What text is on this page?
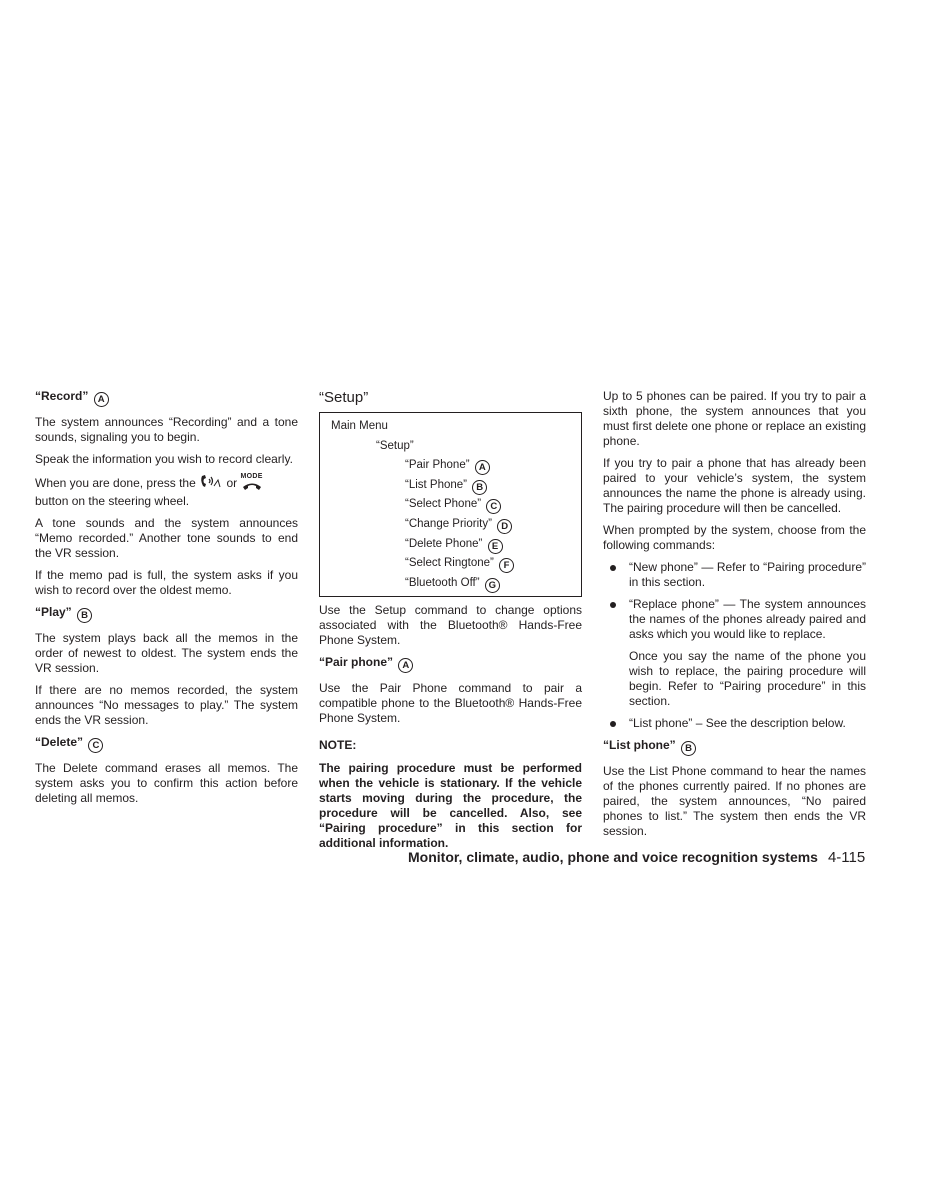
“Record” A

The system announces “Recording” and a tone sounds, signaling you to begin.

Speak the information you wish to record clearly.

When you are done, press the	or MODE

button on the steering wheel.

A tone sounds and the system announces “Memo recorded.” Another tone sounds to end the VR session.

If the memo pad is full, the system asks if you wish to record over the oldest memo.

“Play” B

The system plays back all the memos in the order of newest to oldest. The system ends the VR session.

If there are no memos recorded, the system announces “No messages to play.” The system ends the VR session.

“Delete” C

The Delete command erases all memos. The system asks you to confirm this action before deleting all memos.

“Setup”
Main Menu
“Setup”
“Pair Phone” A
“List Phone” B
“Select Phone” C
“Change Priority” D
“Delete Phone” E
“Select Ringtone” F
“Bluetooth Off” G

Use the Setup command to change options associated with the Bluetooth® Hands-Free Phone System.

“Pair phone” A

Use the Pair Phone command to pair a compatible phone to the Bluetooth® Hands-Free Phone System.

NOTE:

The pairing procedure must be performed when the vehicle is stationary. If the vehicle starts moving during the procedure, the procedure will be cancelled. Also, see “Pairing procedure” in this section for additional information.

Up to 5 phones can be paired. If you try to pair a sixth phone, the system announces that you must first delete one phone or replace an existing phone.

If you try to pair a phone that has already been paired to your vehicle’s system, the system announces the name the phone is already using. The pairing procedure will then be cancelled.

When prompted by the system, choose from the following commands:

“New phone” — Refer to “Pairing procedure” in this section.
“Replace phone” — The system announces the names of the phones already paired and asks which you would like to replace.

Once you say the name of the phone you wish to replace, the pairing procedure will begin. Refer to “Pairing procedure” in this section.

“List phone” – See the description below.
“List phone” B

Use the List Phone command to hear the names of the phones currently paired. If no phones are paired, the system announces, “No paired phones to list.” The system then ends the VR session.

Monitor, climate, audio, phone and voice recognition systems 4-115
